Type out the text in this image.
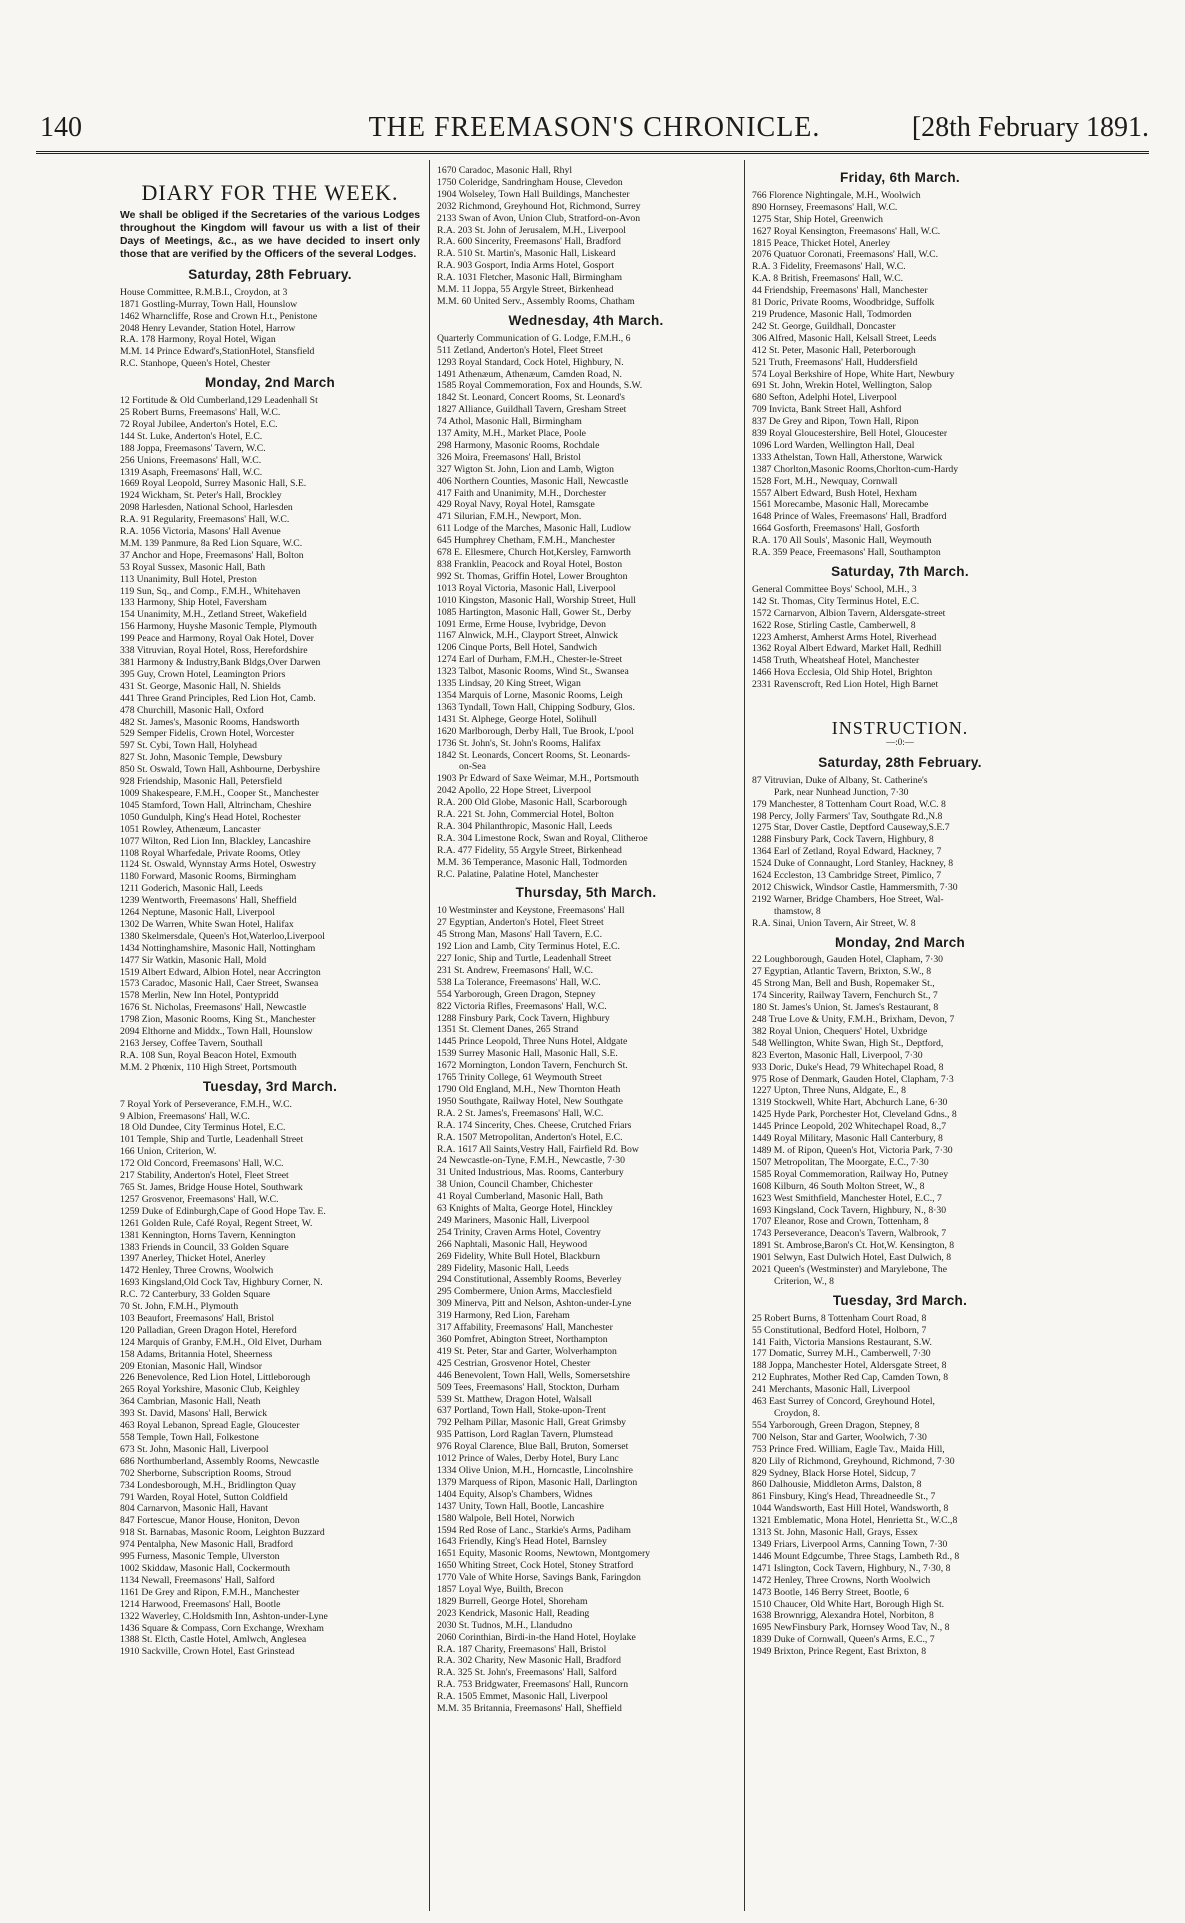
140	THE FREEMASON'S CHRONICLE.	[28th February 1891.
DIARY FOR THE WEEK.
We shall be obliged if the Secretaries of the various Lodges throughout the Kingdom will favour us with a list of their Days of Meetings, &c., as we have decided to insert only those that are verified by the Officers of the several Lodges.
Saturday, 28th February.
House Committee, R.M.B.I., Croydon, at 3
1871 Gostling-Murray, Town Hall, Hounslow
1462 Wharncliffe, Rose and Crown H.t., Penistone
2048 Henry Levander, Station Hotel, Harrow
R.A. 178 Harmony, Royal Hotel, Wigan
M.M. 14 Prince Edward's,StationHotel, Stansfield
R.C. Stanhope, Queen's Hotel, Chester
Monday, 2nd March
12 Fortitude & Old Cumberland,129 Leadenhall St
25 Robert Burns, Freemasons' Hall, W.C.
72 Royal Jubilee, Anderton's Hotel, E.C.
144 St. Luke, Anderton's Hotel, E.C.
188 Joppa, Freemasons' Tavern, W.C.
256 Unions, Freemasons' Hall, W.C.
1319 Asaph, Freemasons' Hall, W.C.
1669 Royal Leopold, Surrey Masonic Hall, S.E.
1924 Wickham, St. Peter's Hall, Brockley
2098 Harlesden, National School, Harlesden
R.A. 91 Regularity, Freemasons' Hall, W.C.
R.A. 1056 Victoria, Masons' Hall Avenue
M.M. 139 Panmure, 8a Red Lion Square, W.C.
37 Anchor and Hope, Freemasons' Hall, Bolton
53 Royal Sussex, Masonic Hall, Bath
113 Unanimity, Bull Hotel, Preston
119 Sun, Sq., and Comp., F.M.H., Whitehaven
133 Harmony, Ship Hotel, Faversham
154 Unanimity, M.H., Zetland Street, Wakefield
156 Harmony, Huyshe Masonic Temple, Plymouth
199 Peace and Harmony, Royal Oak Hotel, Dover
338 Vitruvian, Royal Hotel, Ross, Herefordshire
381 Harmony & Industry,Bank Bldgs,Over Darwen
395 Guy, Crown Hotel, Leamington Priors
431 St. George, Masonic Hall, N. Shields
441 Three Grand Principles, Red Lion Hot, Camb.
478 Churchill, Masonic Hall, Oxford
482 St. James's, Masonic Rooms, Handsworth
529 Semper Fidelis, Crown Hotel, Worcester
597 St. Cybi, Town Hall, Holyhead
827 St. John, Masonic Temple, Dewsbury
850 St. Oswald, Town Hall, Ashbourne, Derbyshire
928 Friendship, Masonic Hall, Petersfield
1009 Shakespeare, F.M.H., Cooper St., Manchester
1045 Stamford, Town Hall, Altrincham, Cheshire
1050 Gundulph, King's Head Hotel, Rochester
1051 Rowley, Athenæum, Lancaster
1077 Wilton, Red Lion Inn, Blackley, Lancashire
1108 Royal Wharfedale, Private Rooms, Otley
1124 St. Oswald, Wynnstay Arms Hotel, Oswestry
1180 Forward, Masonic Rooms, Birmingham
1211 Goderich, Masonic Hall, Leeds
1239 Wentworth, Freemasons' Hall, Sheffield
1264 Neptune, Masonic Hall, Liverpool
1302 De Warren, White Swan Hotel, Halifax
1380 Skelmersdale, Queen's Hot,Waterloo,Liverpool
1434 Nottinghamshire, Masonic Hall, Nottingham
1477 Sir Watkin, Masonic Hall, Mold
1519 Albert Edward, Albion Hotel, near Accrington
1573 Caradoc, Masonic Hall, Caer Street, Swansea
1578 Merlin, New Inn Hotel, Pontypridd
1676 St. Nicholas, Freemasons' Hall, Newcastle
1798 Zion, Masonic Rooms, King St., Manchester
2094 Elthorne and Middx., Town Hall, Hounslow
2163 Jersey, Coffee Tavern, Southall
R.A. 108 Sun, Royal Beacon Hotel, Exmouth
M.M. 2 Phœnix, 110 High Street, Portsmouth
Tuesday, 3rd March.
7 Royal York of Perseverance, F.M.H., W.C.
9 Albion, Freemasons' Hall, W.C.
18 Old Dundee, City Terminus Hotel, E.C.
101 Temple, Ship and Turtle, Leadenhall Street
166 Union, Criterion, W.
172 Old Concord, Freemasons' Hall, W.C.
217 Stability, Anderton's Hotel, Fleet Street
765 St. James, Bridge House Hotel, Southwark
1257 Grosvenor, Freemasons' Hall, W.C.
1259 Duke of Edinburgh,Cape of Good Hope Tav. E.
1261 Golden Rule, Café Royal, Regent Street, W.
1381 Kennington, Horns Tavern, Kennington
1383 Friends in Council, 33 Golden Square
1397 Anerley, Thicket Hotel, Anerley
1472 Henley, Three Crowns, Woolwich
1693 Kingsland,Old Cock Tav, Highbury Corner, N.
R.C. 72 Canterbury, 33 Golden Square
70 St. John, F.M.H., Plymouth
103 Beaufort, Freemasons' Hall, Bristol
120 Palladian, Green Dragon Hotel, Hereford
124 Marquis of Granby, F.M.H., Old Elvet, Durham
158 Adams, Britannia Hotel, Sheerness
209 Etonian, Masonic Hall, Windsor
226 Benevolence, Red Lion Hotel, Littleborough
265 Royal Yorkshire, Masonic Club, Keighley
364 Cambrian, Masonic Hall, Neath
393 St. David, Masons' Hall, Berwick
463 Royal Lebanon, Spread Eagle, Gloucester
558 Temple, Town Hall, Folkestone
673 St. John, Masonic Hall, Liverpool
686 Northumberland, Assembly Rooms, Newcastle
702 Sherborne, Subscription Rooms, Stroud
734 Londesborough, M.H., Bridlington Quay
791 Warden, Royal Hotel, Sutton Coldfield
804 Carnarvon, Masonic Hall, Havant
847 Fortescue, Manor House, Honiton, Devon
918 St. Barnabas, Masonic Room, Leighton Buzzard
974 Pentalpha, New Masonic Hall, Bradford
995 Furness, Masonic Temple, Ulverston
1002 Skiddaw, Masonic Hall, Cockermouth
1134 Newall, Freemasons' Hall, Salford
1161 De Grey and Ripon, F.M.H., Manchester
1214 Harwood, Freemasons' Hall, Bootle
1322 Waverley, C.Holdsmith Inn, Ashton-under-Lyne
1436 Square & Compass, Corn Exchange, Wrexham
1388 St. Elcth, Castle Hotel, Amlwch, Anglesea
1910 Sackville, Crown Hotel, East Grinstead
1670 Caradoc, Masonic Hall, Rhyl
1750 Coleridge, Sandringham House, Clevedon
1904 Wolseley, Town Hall Buildings, Manchester
2032 Richmond, Greyhound Hot, Richmond, Surrey
2133 Swan of Avon, Union Club, Stratford-on-Avon
R.A. 203 St. John of Jerusalem, M.H., Liverpool
R.A. 600 Sincerity, Freemasons' Hall, Bradford
R.A. 510 St. Martin's, Masonic Hall, Liskeard
R.A. 903 Gosport, India Arms Hotel, Gosport
R.A. 1031 Fletcher, Masonic Hall, Birmingham
M.M. 11 Joppa, 55 Argyle Street, Birkenhead
M.M. 60 United Serv., Assembly Rooms, Chatham
Wednesday, 4th March.
Quarterly Communication of G. Lodge, F.M.H., 6
511 Zetland, Anderton's Hotel, Fleet Street
1293 Royal Standard, Cock Hotel, Highbury, N.
1491 Athenæum, Athenæum, Camden Road, N.
1585 Royal Commemoration, Fox and Hounds, S.W.
1842 St. Leonard, Concert Rooms, St. Leonard's
1827 Alliance, Guildhall Tavern, Gresham Street
74 Athol, Masonic Hall, Birmingham
137 Amity, M.H., Market Place, Poole
298 Harmony, Masonic Rooms, Rochdale
326 Moira, Freemasons' Hall, Bristol
327 Wigton St. John, Lion and Lamb, Wigton
406 Northern Counties, Masonic Hall, Newcastle
417 Faith and Unanimity, M.H., Dorchester
429 Royal Navy, Royal Hotel, Ramsgate
471 Silurian, F.M.H., Newport, Mon.
611 Lodge of the Marches, Masonic Hall, Ludlow
645 Humphrey Chetham, F.M.H., Manchester
678 E. Ellesmere, Church Hot,Kersley, Farnworth
838 Franklin, Peacock and Royal Hotel, Boston
992 St. Thomas, Griffin Hotel, Lower Broughton
1013 Royal Victoria, Masonic Hall, Liverpool
1010 Kingston, Masonic Hall, Worship Street, Hull
1085 Hartington, Masonic Hall, Gower St., Derby
1091 Erme, Erme House, Ivybridge, Devon
1167 Alnwick, M.H., Clayport Street, Alnwick
1206 Cinque Ports, Bell Hotel, Sandwich
1274 Earl of Durham, F.M.H., Chester-le-Street
1323 Talbot, Masonic Rooms, Wind St., Swansea
1335 Lindsay, 20 King Street, Wigan
1354 Marquis of Lorne, Masonic Rooms, Leigh
1363 Tyndall, Town Hall, Chipping Sodbury, Glos.
1431 St. Alphege, George Hotel, Solihull
1620 Marlborough, Derby Hall, Tue Brook, L'pool
1736 St. John's, St. John's Rooms, Halifax
1842 St. Leonards, Concert Rooms, St. Leonards-
on-Sea
1903 Pr Edward of Saxe Weimar, M.H., Portsmouth
2042 Apollo, 22 Hope Street, Liverpool
R.A. 200 Old Globe, Masonic Hall, Scarborough
R.A. 221 St. John, Commercial Hotel, Bolton
R.A. 304 Philanthropic, Masonic Hall, Leeds
R.A. 304 Limestone Rock, Swan and Royal, Clitheroe
R.A. 477 Fidelity, 55 Argyle Street, Birkenhead
M.M. 36 Temperance, Masonic Hall, Todmorden
R.C. Palatine, Palatine Hotel, Manchester
Thursday, 5th March.
10 Westminster and Keystone, Freemasons' Hall
27 Egyptian, Anderton's Hotel, Fleet Street
45 Strong Man, Masons' Hall Tavern, E.C.
192 Lion and Lamb, City Terminus Hotel, E.C.
227 Ionic, Ship and Turtle, Leadenhall Street
231 St. Andrew, Freemasons' Hall, W.C.
538 La Tolerance, Freemasons' Hall, W.C.
554 Yarborough, Green Dragon, Stepney
822 Victoria Rifles, Freemasons' Hall, W.C.
1288 Finsbury Park, Cock Tavern, Highbury
1351 St. Clement Danes, 265 Strand
1445 Prince Leopold, Three Nuns Hotel, Aldgate
1539 Surrey Masonic Hall, Masonic Hall, S.E.
1672 Mornington, London Tavern, Fenchurch St.
1765 Trinity College, 61 Weymouth Street
1790 Old England, M.H., New Thornton Heath
1950 Southgate, Railway Hotel, New Southgate
R.A. 2 St. James's, Freemasons' Hall, W.C.
R.A. 174 Sincerity, Ches. Cheese, Crutched Friars
R.A. 1507 Metropolitan, Anderton's Hotel, E.C.
R.A. 1617 All Saints,Vestry Hall, Fairfield Rd. Bow
24 Newcastle-on-Tyne, F.M.H., Newcastle, 7·30
31 United Industrious, Mas. Rooms, Canterbury
38 Union, Council Chamber, Chichester
41 Royal Cumberland, Masonic Hall, Bath
63 Knights of Malta, George Hotel, Hinckley
249 Mariners, Masonic Hall, Liverpool
254 Trinity, Craven Arms Hotel, Coventry
266 Naphtali, Masonic Hall, Heywood
269 Fidelity, White Bull Hotel, Blackburn
289 Fidelity, Masonic Hall, Leeds
294 Constitutional, Assembly Rooms, Beverley
295 Combermere, Union Arms, Macclesfield
309 Minerva, Pitt and Nelson, Ashton-under-Lyne
319 Harmony, Red Lion, Fareham
317 Affability, Freemasons' Hall, Manchester
360 Pomfret, Abington Street, Northampton
419 St. Peter, Star and Garter, Wolverhampton
425 Cestrian, Grosvenor Hotel, Chester
446 Benevolent, Town Hall, Wells, Somersetshire
509 Tees, Freemasons' Hall, Stockton, Durham
539 St. Matthew, Dragon Hotel, Walsall
637 Portland, Town Hall, Stoke-upon-Trent
792 Pelham Pillar, Masonic Hall, Great Grimsby
935 Pattison, Lord Raglan Tavern, Plumstead
976 Royal Clarence, Blue Ball, Bruton, Somerset
1012 Prince of Wales, Derby Hotel, Bury Lanc
1334 Olive Union, M.H., Horncastle, Lincolnshire
1379 Marquess of Ripon, Masonic Hall, Darlington
1404 Equity, Alsop's Chambers, Widnes
1437 Unity, Town Hall, Bootle, Lancashire
1580 Walpole, Bell Hotel, Norwich
1594 Red Rose of Lanc., Starkie's Arms, Padiham
1643 Friendly, King's Head Hotel, Barnsley
1651 Equity, Masonic Rooms, Newtown, Montgomery
1650 Whiting Street, Cock Hotel, Stoney Stratford
1770 Vale of White Horse, Savings Bank, Faringdon
1857 Loyal Wye, Builth, Brecon
1829 Burrell, George Hotel, Shoreham
2023 Kendrick, Masonic Hall, Reading
2030 St. Tudnos, M.H., Llandudno
2060 Corinthian, Birdi-in-the Hand Hotel, Hoylake
R.A. 187 Charity, Freemasons' Hall, Bristol
R.A. 302 Charity, New Masonic Hall, Bradford
R.A. 325 St. John's, Freemasons' Hall, Salford
R.A. 753 Bridgwater, Freemasons' Hall, Runcorn
R.A. 1505 Emmet, Masonic Hall, Liverpool
M.M. 35 Britannia, Freemasons' Hall, Sheffield
Friday, 6th March.
766 Florence Nightingale, M.H., Woolwich
890 Hornsey, Freemasons' Hall, W.C.
1275 Star, Ship Hotel, Greenwich
1627 Royal Kensington, Freemasons' Hall, W.C.
1815 Peace, Thicket Hotel, Anerley
2076 Quatuor Coronati, Freemasons' Hall, W.C.
R.A. 3 Fidelity, Freemasons' Hall, W.C.
K.A. 8 British, Freemasons' Hall, W.C.
44 Friendship, Freemasons' Hall, Manchester
81 Doric, Private Rooms, Woodbridge, Suffolk
219 Prudence, Masonic Hall, Todmorden
242 St. George, Guildhall, Doncaster
306 Alfred, Masonic Hall, Kelsall Street, Leeds
412 St. Peter, Masonic Hall, Peterborough
521 Truth, Freemasons' Hall, Huddersfield
574 Loyal Berkshire of Hope, White Hart, Newbury
691 St. John, Wrekin Hotel, Wellington, Salop
680 Sefton, Adelphi Hotel, Liverpool
709 Invicta, Bank Street Hall, Ashford
837 De Grey and Ripon, Town Hall, Ripon
839 Royal Gloucestershire, Bell Hotel, Gloucester
1096 Lord Warden, Wellington Hall, Deal
1333 Athelstan, Town Hall, Atherstone, Warwick
1387 Chorlton,Masonic Rooms,Chorlton-cum-Hardy
1528 Fort, M.H., Newquay, Cornwall
1557 Albert Edward, Bush Hotel, Hexham
1561 Morecambe, Masonic Hall, Morecambe
1648 Prince of Wales, Freemasons' Hall, Bradford
1664 Gosforth, Freemasons' Hall, Gosforth
R.A. 170 All Souls', Masonic Hall, Weymouth
R.A. 359 Peace, Freemasons' Hall, Southampton
Saturday, 7th March.
General Committee Boys' School, M.H., 3
142 St. Thomas, City Terminus Hotel, E.C.
1572 Carnarvon, Albion Tavern, Aldersgate-street
1622 Rose, Stirling Castle, Camberwell, 8
1223 Amherst, Amherst Arms Hotel, Riverhead
1362 Royal Albert Edward, Market Hall, Redhill
1458 Truth, Wheatsheaf Hotel, Manchester
1466 Hova Ecclesia, Old Ship Hotel, Brighton
2331 Ravenscroft, Red Lion Hotel, High Barnet
INSTRUCTION.
—:0:—
Saturday, 28th February.
87 Vitruvian, Duke of Albany, St. Catherine's
Park, near Nunhead Junction, 7·30
179 Manchester, 8 Tottenham Court Road, W.C. 8
198 Percy, Jolly Farmers' Tav, Southgate Rd.,N.8
1275 Star, Dover Castle, Deptford Causeway,S.E.7
1288 Finsbury Park, Cock Tavern, Highbury, 8
1364 Earl of Zetland, Royal Edward, Hackney, 7
1524 Duke of Connaught, Lord Stanley, Hackney, 8
1624 Eccleston, 13 Cambridge Street, Pimlico, 7
2012 Chiswick, Windsor Castle, Hammersmith, 7·30
2192 Warner, Bridge Chambers, Hoe Street, Wal-
thamstow, 8
R.A. Sinai, Union Tavern, Air Street, W. 8
Monday, 2nd March
22 Loughborough, Gauden Hotel, Clapham, 7·30
27 Egyptian, Atlantic Tavern, Brixton, S.W., 8
45 Strong Man, Bell and Bush, Ropemaker St.,
174 Sincerity, Railway Tavern, Fenchurch St., 7
180 St. James's Union, St. James's Restaurant, 8
248 True Love & Unity, F.M.H., Brixham, Devon, 7
382 Royal Union, Chequers' Hotel, Uxbridge
548 Wellington, White Swan, High St., Deptford,
823 Everton, Masonic Hall, Liverpool, 7·30
933 Doric, Duke's Head, 79 Whitechapel Road, 8
975 Rose of Denmark, Gauden Hotel, Clapham, 7·3
1227 Upton, Three Nuns, Aldgate, E., 8
1319 Stockwell, White Hart, Abchurch Lane, 6·30
1425 Hyde Park, Porchester Hot, Cleveland Gdns., 8
1445 Prince Leopold, 202 Whitechapel Road, 8.,7
1449 Royal Military, Masonic Hall Canterbury, 8
1489 M. of Ripon, Queen's Hot, Victoria Park, 7·30
1507 Metropolitan, The Moorgate, E.C., 7·30
1585 Royal Commemoration, Railway Ho, Putney
1608 Kilburn, 46 South Molton Street, W., 8
1623 West Smithfield, Manchester Hotel, E.C., 7
1693 Kingsland, Cock Tavern, Highbury, N., 8·30
1707 Eleanor, Rose and Crown, Tottenham, 8
1743 Perseverance, Deacon's Tavern, Walbrook, 7
1891 St. Ambrose,Baron's Ct. Hot,W. Kensington, 8
1901 Selwyn, East Dulwich Hotel, East Dulwich, 8
2021 Queen's (Westminster) and Marylebone, The
Criterion, W., 8
Tuesday, 3rd March.
25 Robert Burns, 8 Tottenham Court Road, 8
55 Constitutional, Bedford Hotel, Holborn, 7
141 Faith, Victoria Mansions Restaurant, S.W.
177 Domatic, Surrey M.H., Camberwell, 7·30
188 Joppa, Manchester Hotel, Aldersgate Street, 8
212 Euphrates, Mother Red Cap, Camden Town, 8
241 Merchants, Masonic Hall, Liverpool
463 East Surrey of Concord, Greyhound Hotel,
Croydon, 8.
554 Yarborough, Green Dragon, Stepney, 8
700 Nelson, Star and Garter, Woolwich, 7·30
753 Prince Fred. William, Eagle Tav., Maida Hill,
820 Lily of Richmond, Greyhound, Richmond, 7·30
829 Sydney, Black Horse Hotel, Sidcup, 7
860 Dalhousie, Middleton Arms, Dalston, 8
861 Finsbury, King's Head, Threadneedle St., 7
1044 Wandsworth, East Hill Hotel, Wandsworth, 8
1321 Emblematic, Mona Hotel, Henrietta St., W.C.,8
1313 St. John, Masonic Hall, Grays, Essex
1349 Friars, Liverpool Arms, Canning Town, 7·30
1446 Mount Edgcumbe, Three Stags, Lambeth Rd., 8
1471 Islington, Cock Tavern, Highbury, N., 7·30, 8
1472 Henley, Three Crowns, North Woolwich
1473 Bootle, 146 Berry Street, Bootle, 6
1510 Chaucer, Old White Hart, Borough High St.
1638 Brownrigg, Alexandra Hotel, Norbiton, 8
1695 NewFinsbury Park, Hornsey Wood Tav, N., 8
1839 Duke of Cornwall, Queen's Arms, E.C., 7
1949 Brixton, Prince Regent, East Brixton, 8
